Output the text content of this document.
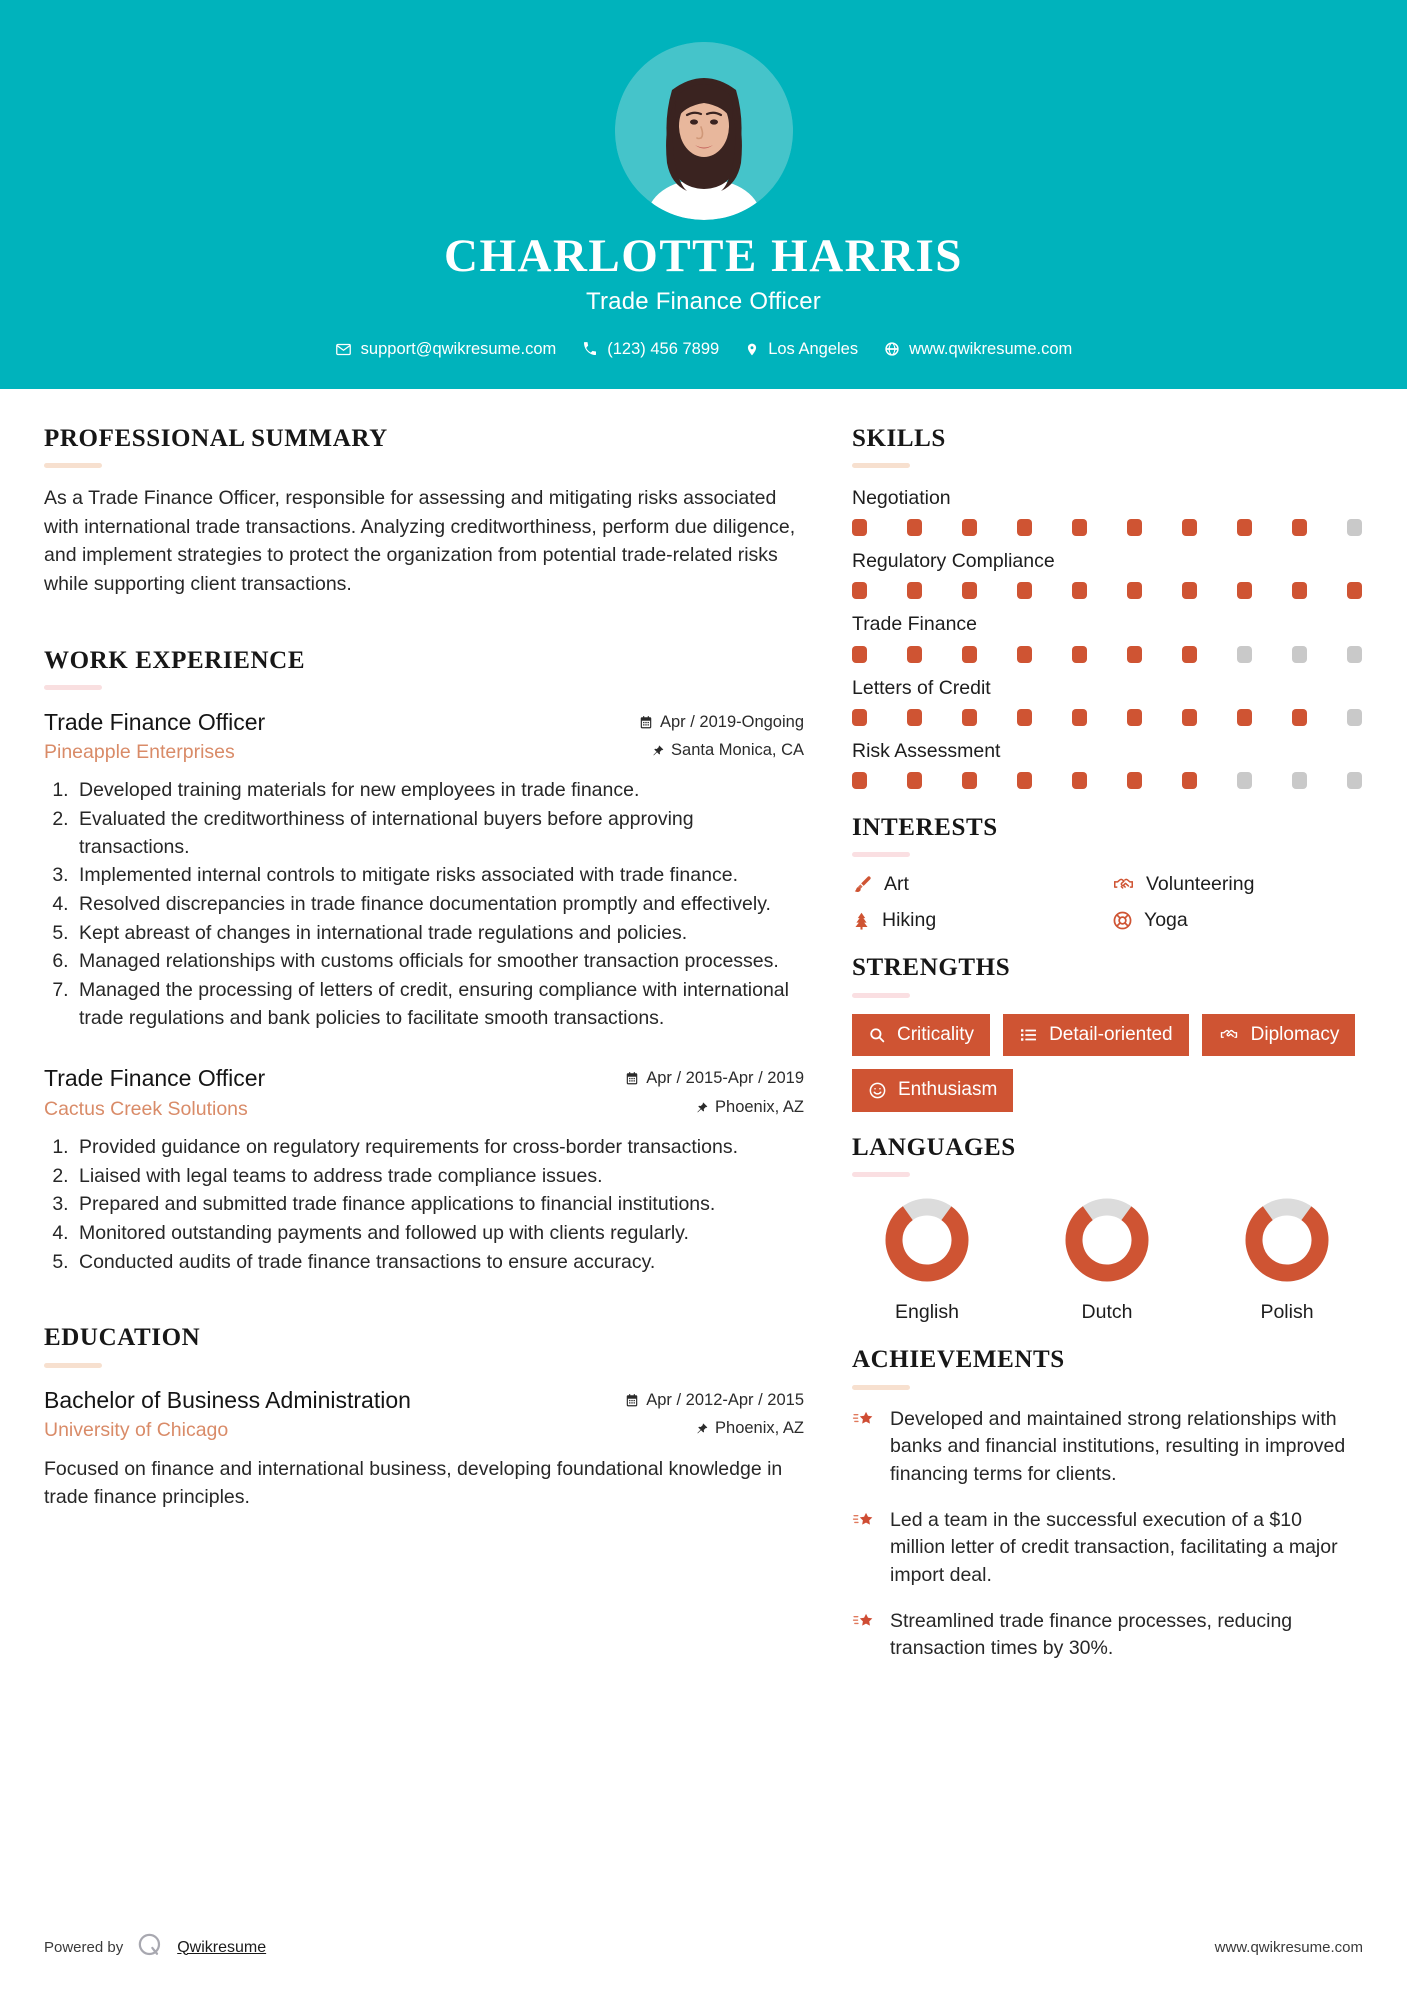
CHARLOTTE HARRIS
Trade Finance Officer
support@qwikresume.com	(123) 456 7899	Los Angeles	www.qwikresume.com
PROFESSIONAL SUMMARY
As a Trade Finance Officer, responsible for assessing and mitigating risks associated with international trade transactions. Analyzing creditworthiness, perform due diligence, and implement strategies to protect the organization from potential trade-related risks while supporting client transactions.
WORK EXPERIENCE
Trade Finance Officer	Apr / 2019-Ongoing
Pineapple Enterprises	Santa Monica, CA
1. Developed training materials for new employees in trade finance.
2. Evaluated the creditworthiness of international buyers before approving transactions.
3. Implemented internal controls to mitigate risks associated with trade finance.
4. Resolved discrepancies in trade finance documentation promptly and effectively.
5. Kept abreast of changes in international trade regulations and policies.
6. Managed relationships with customs officials for smoother transaction processes.
7. Managed the processing of letters of credit, ensuring compliance with international trade regulations and bank policies to facilitate smooth transactions.
Trade Finance Officer	Apr / 2015-Apr / 2019
Cactus Creek Solutions	Phoenix, AZ
1. Provided guidance on regulatory requirements for cross-border transactions.
2. Liaised with legal teams to address trade compliance issues.
3. Prepared and submitted trade finance applications to financial institutions.
4. Monitored outstanding payments and followed up with clients regularly.
5. Conducted audits of trade finance transactions to ensure accuracy.
EDUCATION
Bachelor of Business Administration	Apr / 2012-Apr / 2015
University of Chicago	Phoenix, AZ
Focused on finance and international business, developing foundational knowledge in trade finance principles.
SKILLS
Negotiation
Regulatory Compliance
Trade Finance
Letters of Credit
Risk Assessment
INTERESTS
Art	Volunteering
Hiking	Yoga
STRENGTHS
Criticality	Detail-oriented	Diplomacy
Enthusiasm
LANGUAGES
English	Dutch	Polish
ACHIEVEMENTS
Developed and maintained strong relationships with banks and financial institutions, resulting in improved financing terms for clients.
Led a team in the successful execution of a $10 million letter of credit transaction, facilitating a major import deal.
Streamlined trade finance processes, reducing transaction times by 30%.
Powered by	Qwikresume	www.qwikresume.com
